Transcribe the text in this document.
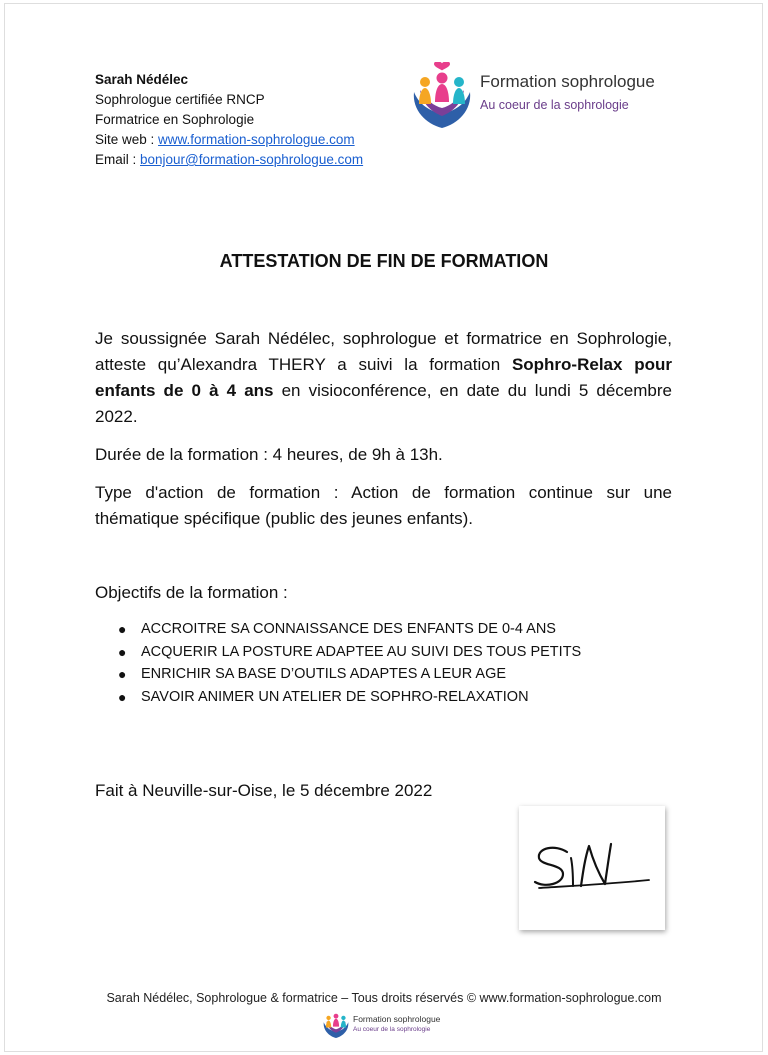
Sarah Nédélec
Sophrologue certifiée RNCP
Formatrice en Sophrologie
Site web : www.formation-sophrologue.com
Email : bonjour@formation-sophrologue.com
Formation sophrologue
Au coeur de la sophrologie
ATTESTATION DE FIN DE FORMATION
Je soussignée Sarah Nédélec, sophrologue et formatrice en Sophrologie, atteste qu’Alexandra THERY a suivi la formation Sophro-Relax pour enfants de 0 à 4 ans en visioconférence, en date du lundi 5 décembre 2022.
Durée de la formation : 4 heures, de 9h à 13h.
Type d'action de formation : Action de formation continue sur une thématique spécifique (public des jeunes enfants).
Objectifs de la formation :
● ACCROITRE SA CONNAISSANCE DES ENFANTS DE 0-4 ANS
● ACQUERIR LA POSTURE ADAPTEE AU SUIVI DES TOUS PETITS
● ENRICHIR SA BASE D’OUTILS ADAPTES A LEUR AGE
● SAVOIR ANIMER UN ATELIER DE SOPHRO-RELAXATION
Fait à Neuville-sur-Oise, le 5 décembre 2022
Sarah Nédélec, Sophrologue & formatrice – Tous droits réservés © www.formation-sophrologue.com
Formation sophrologue
Au coeur de la sophrologie
